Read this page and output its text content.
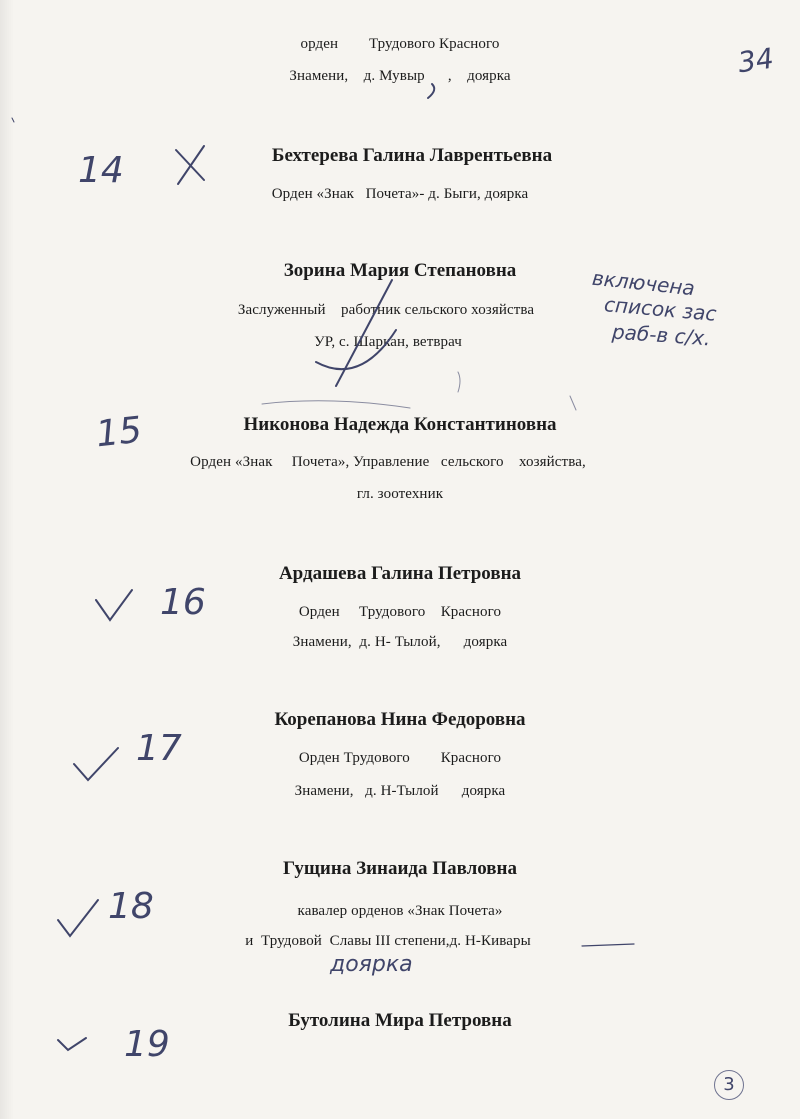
орден        Трудового Красного
Знамени,    д. Мувыр      ,    доярка
Бехтерева Галина Лаврентьевна
Орден «Знак   Почета»- д. Быги, доярка
Зорина Мария Степановна
Заслуженный    работник сельского хозяйства
УР, с. Шаркан, ветврач
Никонова Надежда Константиновна
Орден «Знак     Почета», Управление   сельского    хозяйства,
гл. зоотехник
Ардашева Галина Петровна
Орден     Трудового    Красного
Знамени,  д. Н- Тылой,      доярка
Корепанова Нина Федоровна
Орден Трудового        Красного
Знамени,   д. Н-Тылой      доярка
Гущина Зинаида Павловна
кавалер орденов «Знак Почета»
и  Трудовой  Славы III степени,д. Н-Кивары
Бутолина Мира Петровна
34
14
15
16
17
18
19
включена
список зас
раб-в с/х.
доярка
3
